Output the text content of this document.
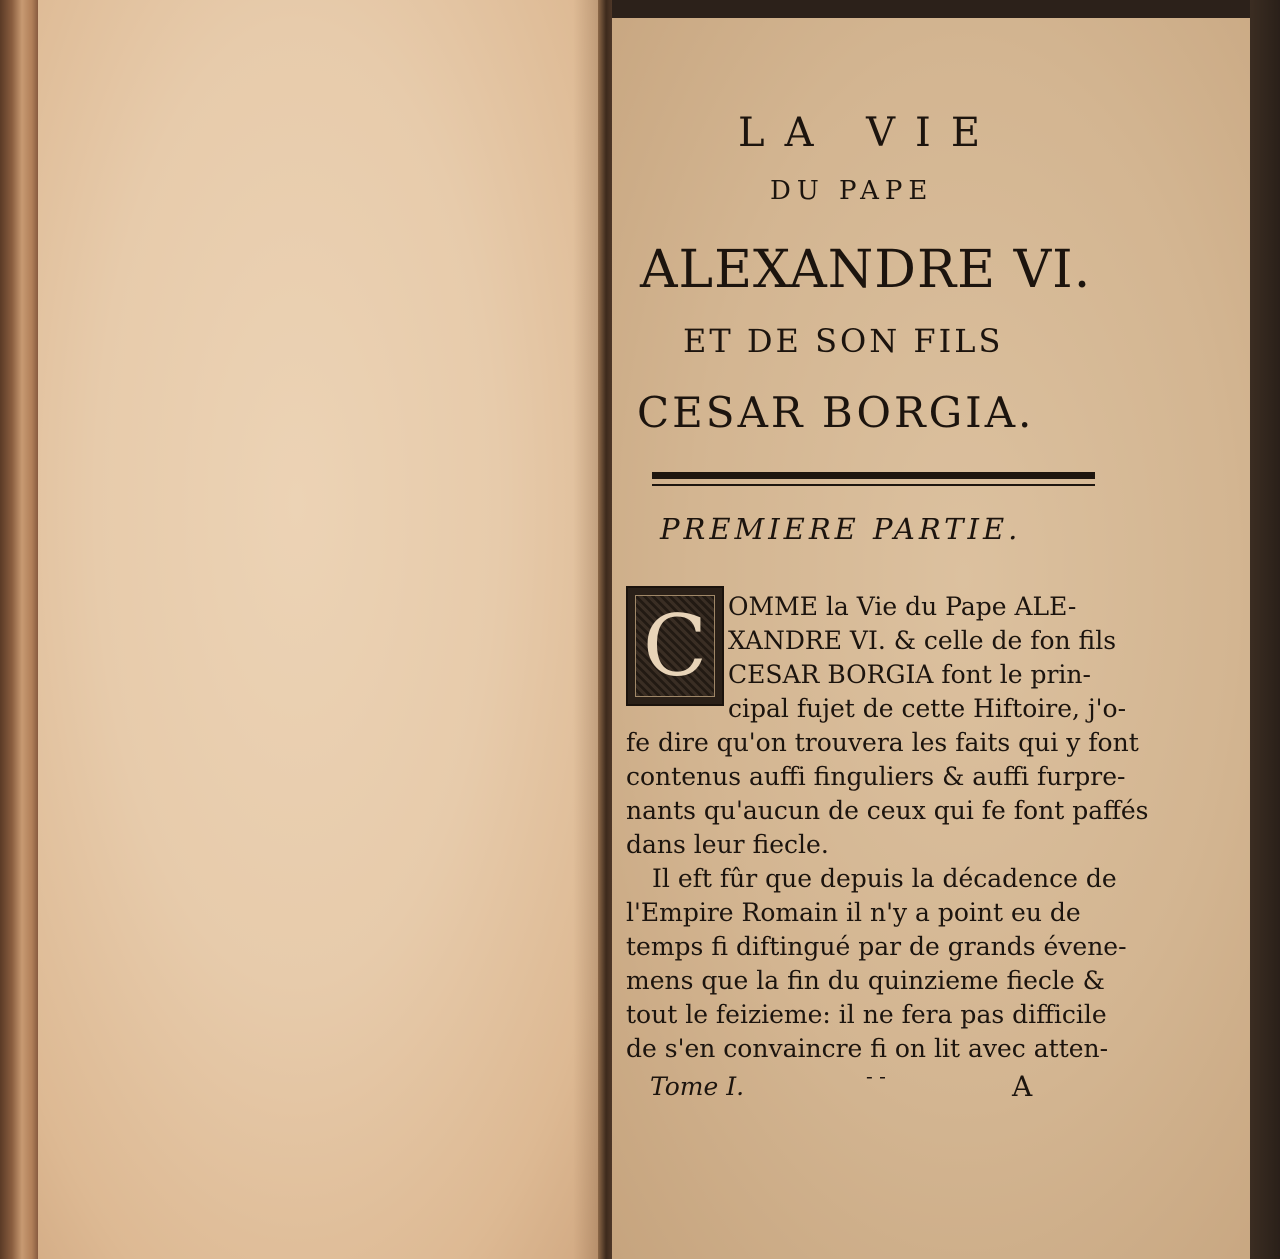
LA VIE
DU PAPE
ALEXANDRE VI.
ET DE SON FILS
CESAR BORGIA.
PREMIERE PARTIE.
C OMME la Vie du Pape ALE-
XANDRE VI. & celle de fon fils
CESAR BORGIA font le prin-
cipal fujet de cette Hiftoire, j'o-
fe dire qu'on trouvera les faits qui y font
contenus auffi finguliers & auffi furpre-
nants qu'aucun de ceux qui fe font paffés
dans leur fiecle.
Il eft fûr que depuis la décadence de
l'Empire Romain il n'y a point eu de
temps fi diftingué par de grands évene-
mens que la fin du quinzieme fiecle &
tout le feizieme: il ne fera pas difficile
de s'en convaincre fi on lit avec atten-
Tome I.	- -	A
